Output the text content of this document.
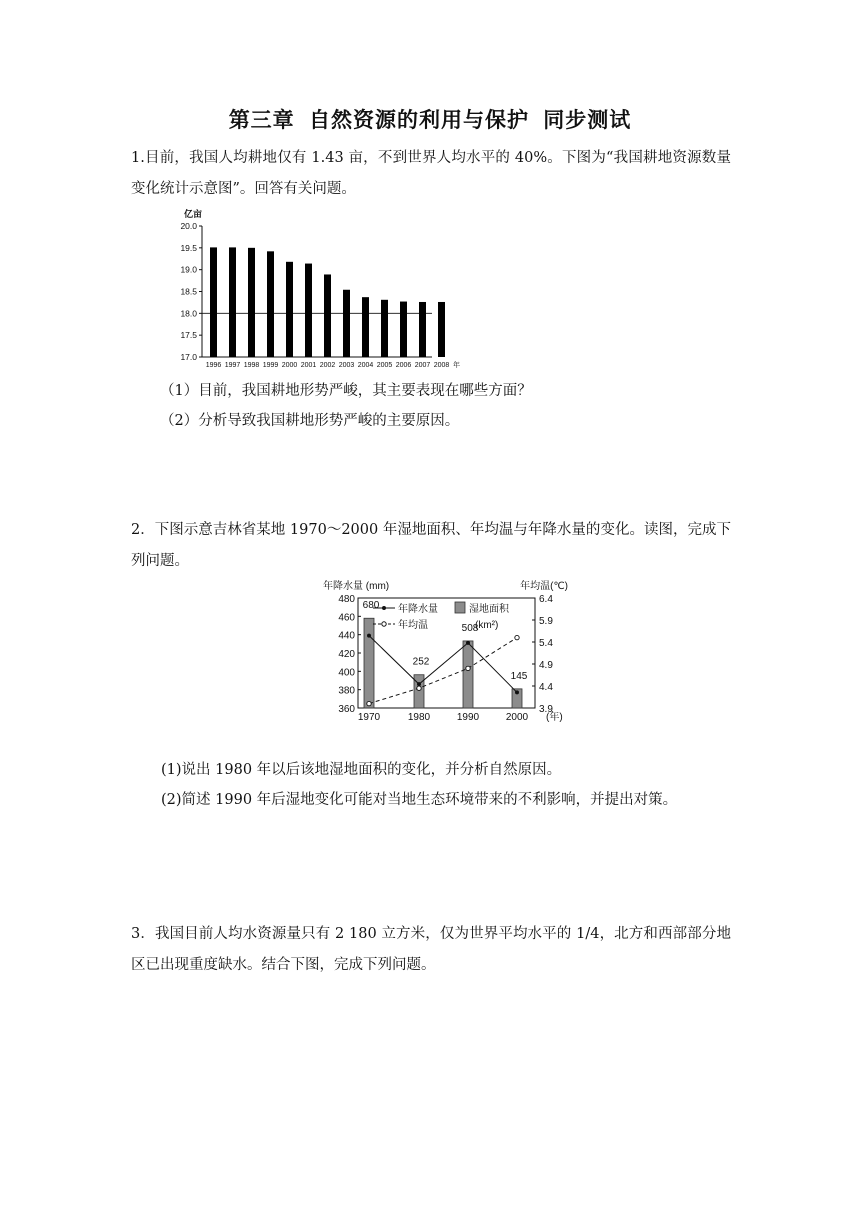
第三章 自然资源的利用与保护 同步测试
1.目前，我国人均耕地仅有 1.43 亩，不到世界人均水平的 40%。下图为“我国耕地资源数量变化统计示意图”。回答有关问题。
亿亩
20.0
19.5
19.0
18.5
18.0
17.5
17.0
1996 1997 1998 1999 2000 2001 2002 2003 2004 2005 2006 2007 2008 年
（1）目前，我国耕地形势严峻，其主要表现在哪些方面？
（2）分析导致我国耕地形势严峻的主要原因。
2．下图示意吉林省某地 1970～2000 年湿地面积、年均温与年降水量的变化。读图，完成下列问题。
年降水量 (mm)	年均温(℃)
480
460
440
420
400
380
360
6.4
5.9
5.4
4.9
4.4
3.9
680
1970
252
1980
508
1990
145
2000 (年)
年降水量	湿地面积
年均温	(km²)
(1)说出 1980 年以后该地湿地面积的变化，并分析自然原因。
(2)简述 1990 年后湿地变化可能对当地生态环境带来的不利影响，并提出对策。
3．我国目前人均水资源量只有 2 180 立方米，仅为世界平均水平的 1/4，北方和西部部分地区已出现重度缺水。结合下图，完成下列问题。
